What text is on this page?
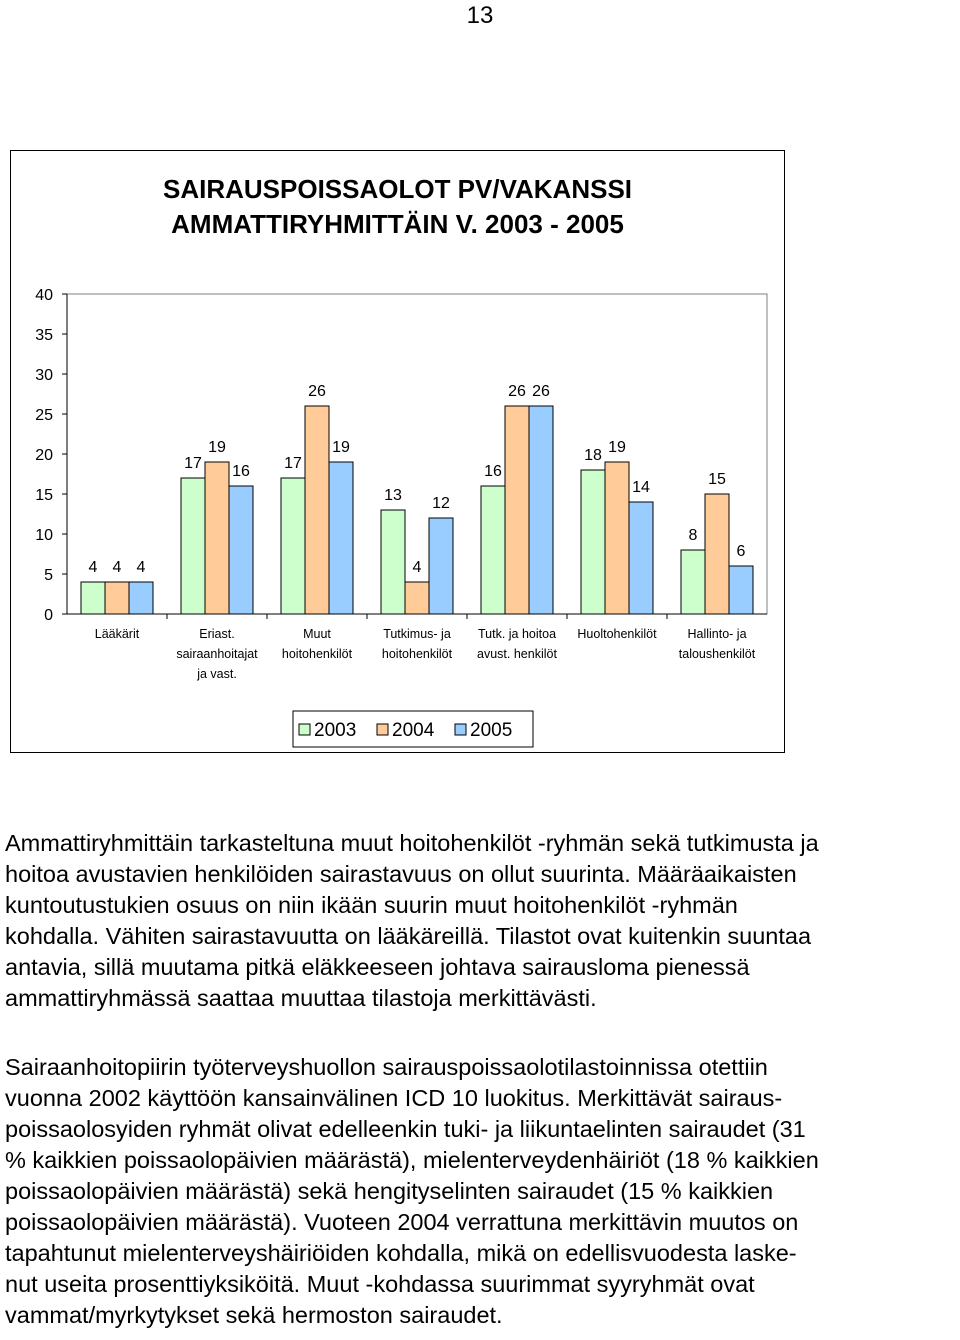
13
SAIRAUSPOISSAOLOT PV/VAKANSSI
AMMATTIRYHMITTÄIN V. 2003 - 2005
0
5
10
15
20
25
30
35
40
4 4 4
Lääkärit
17
19
16
Eriast.
sairaanhoitajat
ja vast.
17
26
19
Muut
hoitohenkilöt
13
4
12
Tutkimus- ja
hoitohenkilöt
16
26 26
Tutk. ja hoitoa
avust. henkilöt
18 19
14
Huoltohenkilöt
8
15
6
Hallinto- ja
taloushenkilöt
2003 2004 2005
Ammattiryhmittäin tarkasteltuna muut hoitohenkilöt -ryhmän sekä tutkimusta ja
hoitoa avustavien henkilöiden sairastavuus on ollut suurinta. Määräaikaisten
kuntoutustukien osuus on niin ikään suurin muut hoitohenkilöt -ryhmän
kohdalla. Vähiten sairastavuutta on lääkäreillä. Tilastot ovat kuitenkin suuntaa
antavia, sillä muutama pitkä eläkkeeseen johtava sairausloma pienessä
ammattiryhmässä saattaa muuttaa tilastoja merkittävästi.
Sairaanhoitopiirin työterveyshuollon sairauspoissaolotilastoinnissa otettiin
vuonna 2002 käyttöön kansainvälinen ICD 10 luokitus. Merkittävät sairaus-
poissaolosyiden ryhmät olivat edelleenkin tuki- ja liikuntaelinten sairaudet (31
% kaikkien poissaolopäivien määrästä), mielenterveydenhäiriöt (18 % kaikkien
poissaolopäivien määrästä) sekä hengityselinten sairaudet (15 % kaikkien
poissaolopäivien määrästä). Vuoteen 2004 verrattuna merkittävin muutos on
tapahtunut mielenterveyshäiriöiden kohdalla, mikä on edellisvuodesta laske-
nut useita prosenttiyksiköitä. Muut -kohdassa suurimmat syyryhmät ovat
vammat/myrkytykset sekä hermoston sairaudet.
